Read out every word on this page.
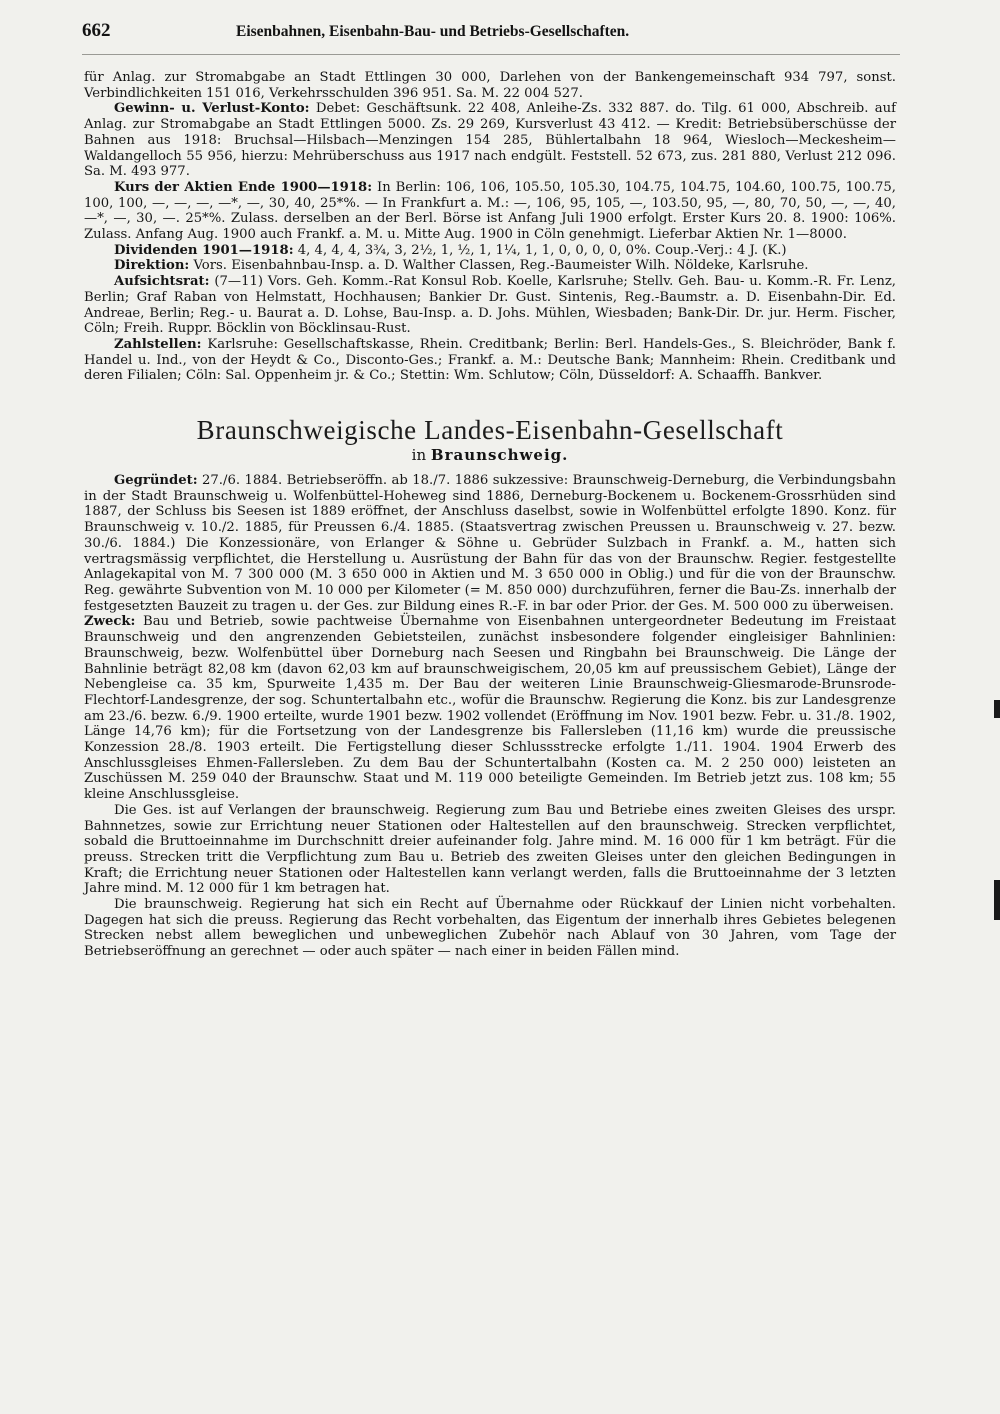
662	Eisenbahnen, Eisenbahn-Bau- und Betriebs-Gesellschaften.

für Anlag. zur Stromabgabe an Stadt Ettlingen 30 000, Darlehen von der Bankengemeinschaft 934 797, sonst. Verbindlichkeiten 151 016, Verkehrsschulden 396 951. Sa. M. 22 004 527.

Gewinn- u. Verlust-Konto: Debet: Geschäftsunk. 22 408, Anleihe-Zs. 332 887. do. Tilg. 61 000, Abschreib. auf Anlag. zur Stromabgabe an Stadt Ettlingen 5000. Zs. 29 269, Kursverlust 43 412. — Kredit: Betriebsüberschüsse der Bahnen aus 1918: Bruchsal—Hilsbach—Menzingen 154 285, Bühlertalbahn 18 964, Wiesloch—Meckesheim—Waldangelloch 55 956, hierzu: Mehrüberschuss aus 1917 nach endgült. Feststell. 52 673, zus. 281 880, Verlust 212 096. Sa. M. 493 977.

Kurs der Aktien Ende 1900—1918: In Berlin: 106, 106, 105.50, 105.30, 104.75, 104.75, 104.60, 100.75, 100.75, 100, 100, —, —, —, —*, —, 30, 40, 25*%. — In Frankfurt a. M.: —, 106, 95, 105, —, 103.50, 95, —, 80, 70, 50, —, —, 40, —*, —, 30, —. 25*%. Zulass. derselben an der Berl. Börse ist Anfang Juli 1900 erfolgt. Erster Kurs 20. 8. 1900: 106%. Zulass. Anfang Aug. 1900 auch Frankf. a. M. u. Mitte Aug. 1900 in Cöln genehmigt. Lieferbar Aktien Nr. 1—8000.

Dividenden 1901—1918: 4, 4, 4, 4, 3¾, 3, 2½, 1, ½, 1, 1¼, 1, 1, 0, 0, 0, 0, 0%. Coup.-Verj.: 4 J. (K.)

Direktion: Vors. Eisenbahnbau-Insp. a. D. Walther Classen, Reg.-Baumeister Wilh. Nöldeke, Karlsruhe.

Aufsichtsrat: (7—11) Vors. Geh. Komm.-Rat Konsul Rob. Koelle, Karlsruhe; Stellv. Geh. Bau- u. Komm.-R. Fr. Lenz, Berlin; Graf Raban von Helmstatt, Hochhausen; Bankier Dr. Gust. Sintenis, Reg.-Baumstr. a. D. Eisenbahn-Dir. Ed. Andreae, Berlin; Reg.- u. Baurat a. D. Lohse, Bau-Insp. a. D. Johs. Mühlen, Wiesbaden; Bank-Dir. Dr. jur. Herm. Fischer, Cöln; Freih. Ruppr. Böcklin von Böcklinsau-Rust.

Zahlstellen: Karlsruhe: Gesellschaftskasse, Rhein. Creditbank; Berlin: Berl. Handels-Ges., S. Bleichröder, Bank f. Handel u. Ind., von der Heydt & Co., Disconto-Ges.; Frankf. a. M.: Deutsche Bank; Mannheim: Rhein. Creditbank und deren Filialen; Cöln: Sal. Oppenheim jr. & Co.; Stettin: Wm. Schlutow; Cöln, Düsseldorf: A. Schaaffh. Bankver.

Braunschweigische Landes-Eisenbahn-Gesellschaft
in Braunschweig.

Gegründet: 27./6. 1884. Betriebseröffn. ab 18./7. 1886 sukzessive: Braunschweig-Derneburg, die Verbindungsbahn in der Stadt Braunschweig u. Wolfenbüttel-Hoheweg sind 1886, Derneburg-Bockenem u. Bockenem-Grossrhüden sind 1887, der Schluss bis Seesen ist 1889 eröffnet, der Anschluss daselbst, sowie in Wolfenbüttel erfolgte 1890. Konz. für Braunschweig v. 10./2. 1885, für Preussen 6./4. 1885. (Staatsvertrag zwischen Preussen u. Braunschweig v. 27. bezw. 30./6. 1884.) Die Konzessionäre, von Erlanger & Söhne u. Gebrüder Sulzbach in Frankf. a. M., hatten sich vertragsmässig verpflichtet, die Herstellung u. Ausrüstung der Bahn für das von der Braunschw. Regier. festgestellte Anlagekapital von M. 7 300 000 (M. 3 650 000 in Aktien und M. 3 650 000 in Oblig.) und für die von der Braunschw. Reg. gewährte Subvention von M. 10 000 per Kilometer (= M. 850 000) durchzuführen, ferner die Bau-Zs. innerhalb der festgesetzten Bauzeit zu tragen u. der Ges. zur Bildung eines R.-F. in bar oder Prior. der Ges. M. 500 000 zu überweisen.

Zweck: Bau und Betrieb, sowie pachtweise Übernahme von Eisenbahnen untergeordneter Bedeutung im Freistaat Braunschweig und den angrenzenden Gebietsteilen, zunächst insbesondere folgender eingleisiger Bahnlinien: Braunschweig, bezw. Wolfenbüttel über Dorneburg nach Seesen und Ringbahn bei Braunschweig. Die Länge der Bahnlinie beträgt 82,08 km (davon 62,03 km auf braunschweigischem, 20,05 km auf preussischem Gebiet), Länge der Nebengleise ca. 35 km, Spurweite 1,435 m. Der Bau der weiteren Linie Braunschweig-Gliesmarode-Brunsrode-Flechtorf-Landesgrenze, der sog. Schuntertalbahn etc., wofür die Braunschw. Regierung die Konz. bis zur Landesgrenze am 23./6. bezw. 6./9. 1900 erteilte, wurde 1901 bezw. 1902 vollendet (Eröffnung im Nov. 1901 bezw. Febr. u. 31./8. 1902, Länge 14,76 km); für die Fortsetzung von der Landesgrenze bis Fallersleben (11,16 km) wurde die preussische Konzession 28./8. 1903 erteilt. Die Fertigstellung dieser Schlussstrecke erfolgte 1./11. 1904. 1904 Erwerb des Anschlussgleises Ehmen-Fallersleben. Zu dem Bau der Schuntertalbahn (Kosten ca. M. 2 250 000) leisteten an Zuschüssen M. 259 040 der Braunschw. Staat und M. 119 000 beteiligte Gemeinden. Im Betrieb jetzt zus. 108 km; 55 kleine Anschlussgleise.

Die Ges. ist auf Verlangen der braunschweig. Regierung zum Bau und Betriebe eines zweiten Gleises des urspr. Bahnnetzes, sowie zur Errichtung neuer Stationen oder Haltestellen auf den braunschweig. Strecken verpflichtet, sobald die Bruttoeinnahme im Durchschnitt dreier aufeinander folg. Jahre mind. M. 16 000 für 1 km beträgt. Für die preuss. Strecken tritt die Verpflichtung zum Bau u. Betrieb des zweiten Gleises unter den gleichen Bedingungen in Kraft; die Errichtung neuer Stationen oder Haltestellen kann verlangt werden, falls die Bruttoeinnahme der 3 letzten Jahre mind. M. 12 000 für 1 km betragen hat.

Die braunschweig. Regierung hat sich ein Recht auf Übernahme oder Rückkauf der Linien nicht vorbehalten. Dagegen hat sich die preuss. Regierung das Recht vorbehalten, das Eigentum der innerhalb ihres Gebietes belegenen Strecken nebst allem beweglichen und unbeweglichen Zubehör nach Ablauf von 30 Jahren, vom Tage der Betriebseröffnung an gerechnet — oder auch später — nach einer in beiden Fällen mind.
